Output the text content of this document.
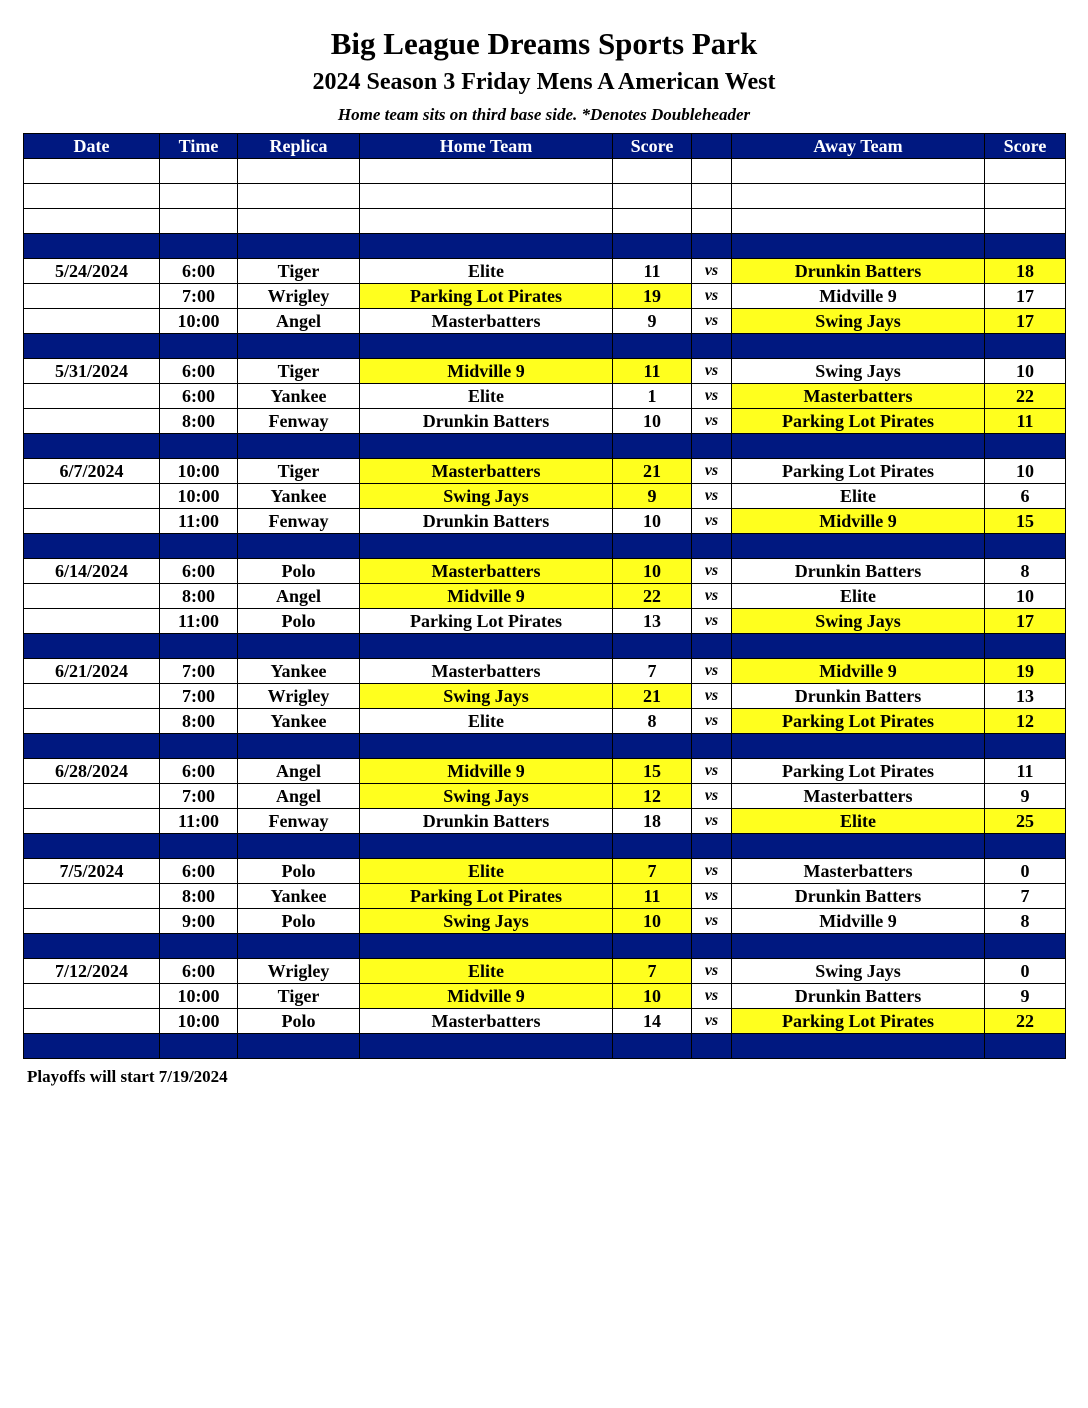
Big League Dreams Sports Park
2024 Season 3 Friday Mens A American West
Home team sits on third base side. *Denotes Doubleheader
Date	Time	Replica	Home Team	Score		Away Team	Score

5/24/2024	6:00	Tiger	Elite	11	vs	Drunkin Batters	18
	7:00	Wrigley	Parking Lot Pirates	19	vs	Midville 9	17
	10:00	Angel	Masterbatters	9	vs	Swing Jays	17

5/31/2024	6:00	Tiger	Midville 9	11	vs	Swing Jays	10
	6:00	Yankee	Elite	1	vs	Masterbatters	22
	8:00	Fenway	Drunkin Batters	10	vs	Parking Lot Pirates	11

6/7/2024	10:00	Tiger	Masterbatters	21	vs	Parking Lot Pirates	10
	10:00	Yankee	Swing Jays	9	vs	Elite	6
	11:00	Fenway	Drunkin Batters	10	vs	Midville 9	15

6/14/2024	6:00	Polo	Masterbatters	10	vs	Drunkin Batters	8
	8:00	Angel	Midville 9	22	vs	Elite	10
	11:00	Polo	Parking Lot Pirates	13	vs	Swing Jays	17

6/21/2024	7:00	Yankee	Masterbatters	7	vs	Midville 9	19
	7:00	Wrigley	Swing Jays	21	vs	Drunkin Batters	13
	8:00	Yankee	Elite	8	vs	Parking Lot Pirates	12

6/28/2024	6:00	Angel	Midville 9	15	vs	Parking Lot Pirates	11
	7:00	Angel	Swing Jays	12	vs	Masterbatters	9
	11:00	Fenway	Drunkin Batters	18	vs	Elite	25

7/5/2024	6:00	Polo	Elite	7	vs	Masterbatters	0
	8:00	Yankee	Parking Lot Pirates	11	vs	Drunkin Batters	7
	9:00	Polo	Swing Jays	10	vs	Midville 9	8

7/12/2024	6:00	Wrigley	Elite	7	vs	Swing Jays	0
	10:00	Tiger	Midville 9	10	vs	Drunkin Batters	9
	10:00	Polo	Masterbatters	14	vs	Parking Lot Pirates	22

Playoffs will start 7/19/2024
